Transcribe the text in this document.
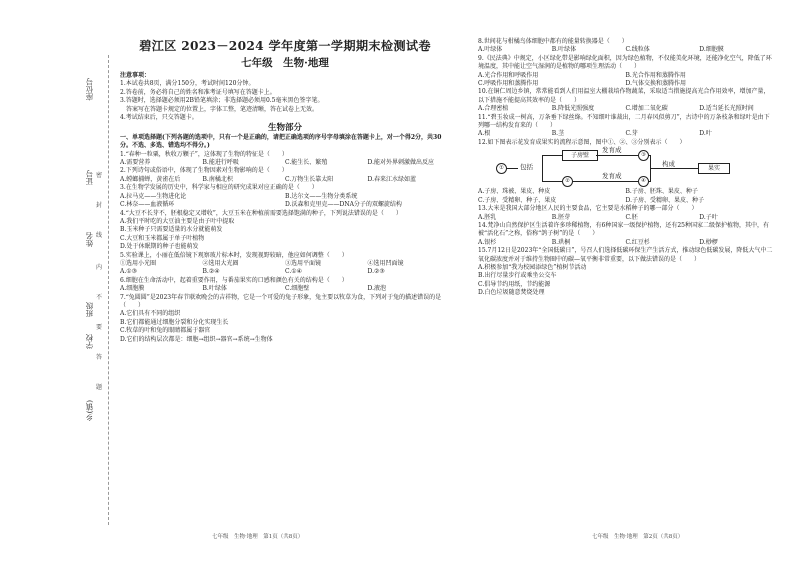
座位号
证号
姓名
学校
班级
乡(镇)
密
封
线
内
不
要
答
题
碧江区 2023－2024 学年度第一学期期末检测试卷
七年级　生物·地理

注意事项：

1.本试卷共8页，满分150分，考试时间120分钟。

2.答卷前，务必将自己的姓名和准考证号填写在答题卡上。

3.答题时，选择题必须用2B铅笔填涂；非选择题必须用0.5毫米黑色签字笔。

　答案写在答题卡规定的位置上，字体工整，笔迹清晰，答在试卷上无效。

4.考试结束后，只交答题卡。

生物部分

一、单项选择题(下列各题的选项中，只有一个是正确的，请把正确选项的序号字母填涂在答题卡上，对一个得2分，共30分。不选、多选、错选均不得分。)

1.“春种一粒粟，秋收万颗子”，这体现了生物的特征是（　　）

A.需要营养	B.能进行呼吸	C.能生长、繁殖	D.能对外界刺激做出反应

2.下列诗句或俗语中，体现了生物因素对生物影响的是（　　）

A.螳螂捕蝉，黄雀在后	B.南橘北枳	C.万物生长靠太阳	D.春来江水绿如蓝

3.在生物学发展的历史中，科学家与相应的研究成果对应正确的是（　　）

A.拉马克——生物进化论	B.达尔文——生物分类系统
C.林奈——血液循环	D.沃森和克里克——DNA分子的双螺旋结构

4.“大豆不长芽不，胚根稳定又增收”，大豆玉米在种植前需要选择饱满的种子，下列说法错误的是（　　）

A.我们平时吃的大豆油主要是由子叶中提取
B.玉米种子只需要适量的水分就能萌发
C.大豆和玉米都属于单子叶植物
D.处于休眠期的种子也能萌发

5.实验课上，小丽在低倍镜下观察玻片标本时，发现视野较暗，他应如何调整（　　）

①选用小光圈	②选用大光圈	③选用平面镜	④选用凹面镜
A.①③	B.②④	C.①④	D.②③

6.细胞在生命活动中，起着重要作用，与番茄果实的口感和颜色有关的结构是（　　）

A.细胞膜	B.叶绿体	C.细胞壁	D.液泡

7.“兔圆圆”是2023年春节联欢晚会的吉祥物，它是一个可爱的兔子形象，兔主要以牧草为食，下列对于兔的描述错误的是（　　）

A.它们具有不同的组织
B.它们都能通过细胞分裂和分化实现生长
C.牧草的叶和兔的眼睛都属于器官
D.它们的结构层次都是：细胞→组织→器官→系统→生物体
七年级　生物·地理　第1页（共8页）

8.世间花与柑橘鸟体细胞中都有的能量转换器是（　　）

A.叶绿体	B.叶绿体	C.线粒体	D.细胞膜

9.《民法典》中规定，小区绿化带是影响绿化面积，因为绿色植物，不仅能美化环境，还能净化空气，降低了环境温度，其中能让空气湿润的是植物的哪项生理活动（　　）

A.光合作用和呼吸作用	B.光合作用和蒸腾作用
C.呼吸作用和蒸腾作用	D.气体交换和蒸腾作用

10.在铜仁周边乡镇，常常能看到人们用温室大棚栽培作物蔬菜，采取适当措施提高光合作用效率，增加产量，以下措施不能提高其效率的是（　　）

A.合理密植	B.降低光照强度	C.增加二氧化碳	D.适当延长光照时间

11.“碧玉妆成一树高，万条垂下绿丝绦。不知细叶谁裁出，二月春风似剪刀”，古诗中的万条枝条和绿叶是由下列哪一结构发育来的（　　）

A.根	B.茎	C.芽	D.叶

12.如下图表示花发育成果实的流程示意图，图中①、②、③分别表示（　　）

①	包括
子房壁
②
发育成
发育成
③
④
构成
果实
A.子房、珠被、果皮、种皮	B.子房、胚珠、果皮、种子
C.子房、受精卵、种子、果皮	D.子房、受精卵、果皮、种子

13.大米是我国大部分地区人民的主要食品，它主要是水稻种子的哪一部分（　　）

A.胚乳	B.胚芽	C.胚	D.子叶

14.梵净山自然保护区生活着许多珍稀植物，有6种国家一级保护植物，还有25种国家二级保护植物，其中，有被“活化石”之称，俗称“鸽子树”的是（　　）

A.银杉	B.珙桐	C.红豆杉	D.桫椤

15.7月12日是2023年“全国低碳日”，号召人们选择低碳环保生产生活方式，推动绿色低碳发展，降低大气中二氧化碳浓度并对于维持生物圈中的碳—氧平衡非常重要，以下做法错误的是（　　）

A.积极参加“我为校园添绿色”植树节活动
B.出行尽量步行或乘坐公交车
C.倡导节约用纸，节约能源
D.白色垃圾随意焚烧处理
七年级　生物·地理　第2页（共8页）
